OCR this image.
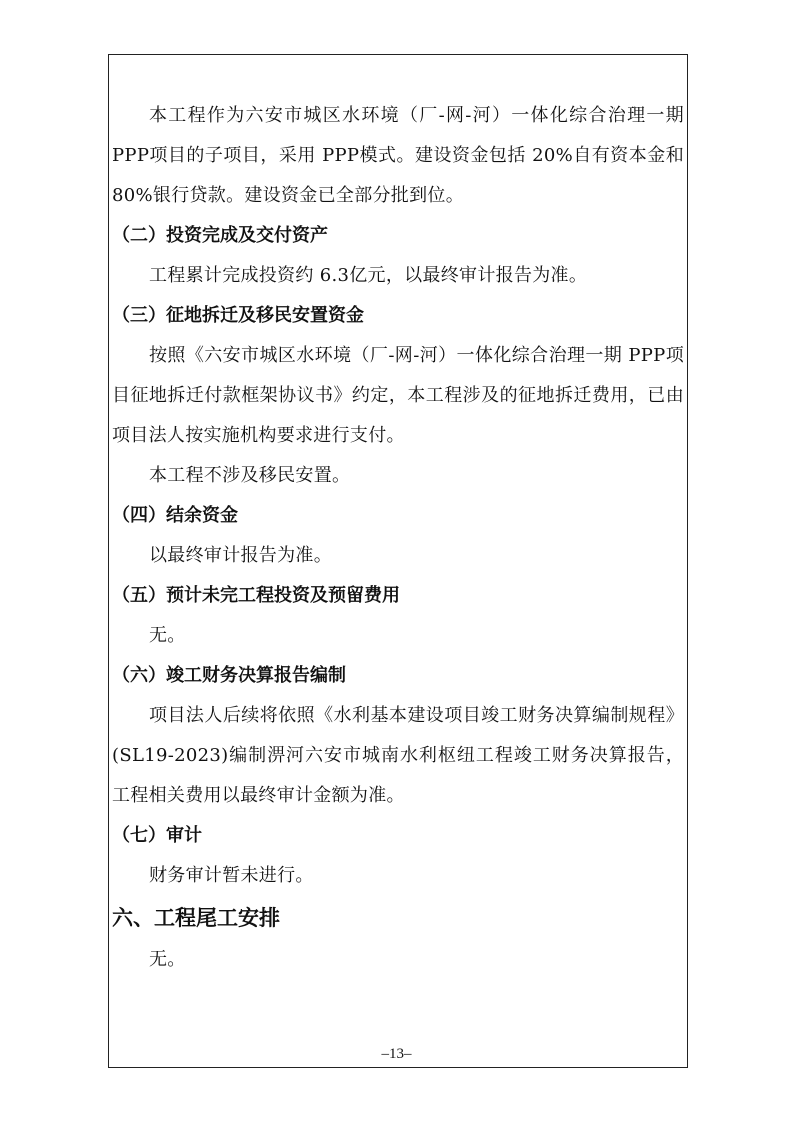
本工程作为六安市城区水环境（厂-网-河）一体化综合治理一期PPP项目的子项目，采用 PPP模式。建设资金包括 20%自有资本金和80%银行贷款。建设资金已全部分批到位。

（二）投资完成及交付资产

工程累计完成投资约 6.3亿元，以最终审计报告为准。

（三）征地拆迁及移民安置资金

按照《六安市城区水环境（厂-网-河）一体化综合治理一期 PPP项目征地拆迁付款框架协议书》约定，本工程涉及的征地拆迁费用，已由项目法人按实施机构要求进行支付。

本工程不涉及移民安置。

（四）结余资金

以最终审计报告为准。

（五）预计未完工程投资及预留费用

无。

（六）竣工财务决算报告编制

项目法人后续将依照《水利基本建设项目竣工财务决算编制规程》(SL19-2023)编制淠河六安市城南水利枢纽工程竣工财务决算报告，工程相关费用以最终审计金额为准。

（七）审计

财务审计暂未进行。

六、工程尾工安排

无。

–13–
